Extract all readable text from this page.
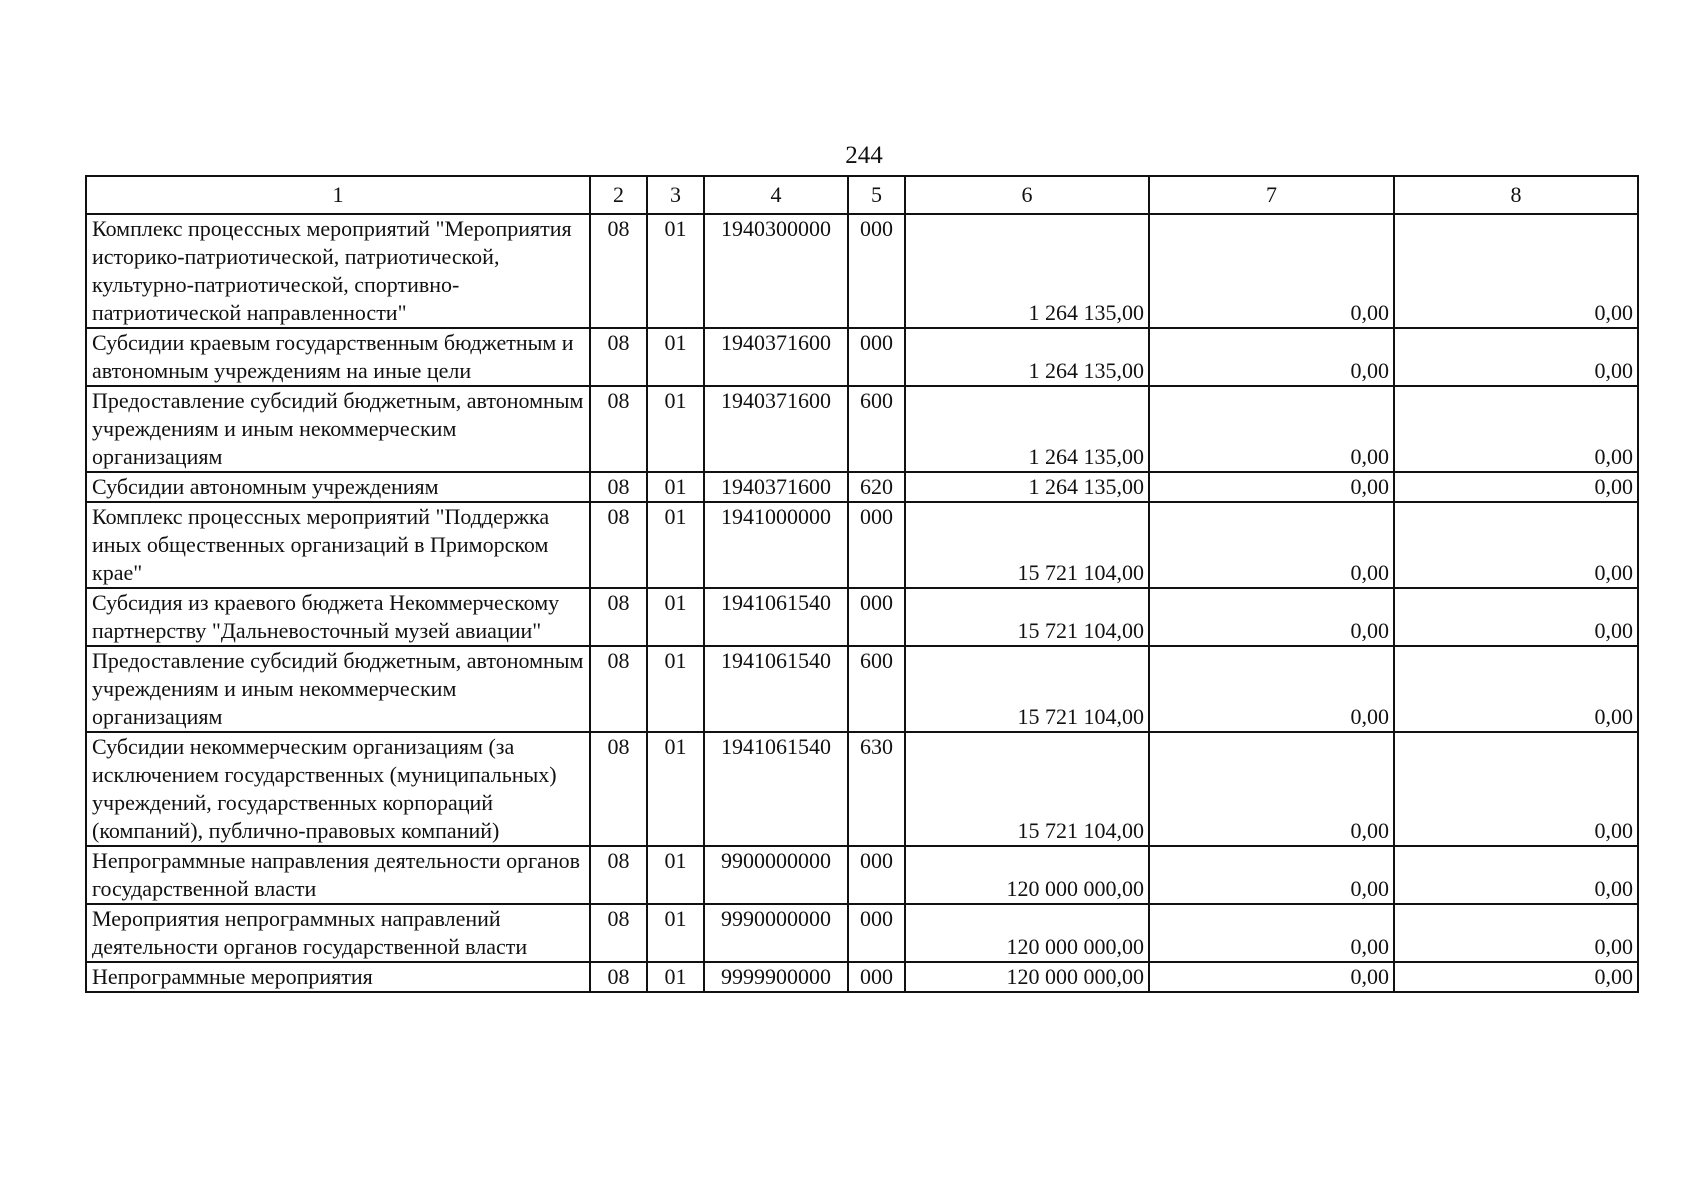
244
1	2	3	4	5	6	7	8
Комплекс процессных мероприятий "Мероприятия историко-патриотической, патриотической, культурно-патриотической, спортивно-патриотической направленности"	08	01	1940300000	000	1 264 135,00	0,00	0,00
Субсидии краевым государственным бюджетным и автономным учреждениям на иные цели	08	01	1940371600	000	1 264 135,00	0,00	0,00
Предоставление субсидий бюджетным, автономным учреждениям и иным некоммерческим организациям	08	01	1940371600	600	1 264 135,00	0,00	0,00
Субсидии автономным учреждениям	08	01	1940371600	620	1 264 135,00	0,00	0,00
Комплекс процессных мероприятий "Поддержка иных общественных организаций в Приморском крае"	08	01	1941000000	000	15 721 104,00	0,00	0,00
Субсидия из краевого бюджета Некоммерческому партнерству "Дальневосточный музей авиации"	08	01	1941061540	000	15 721 104,00	0,00	0,00
Предоставление субсидий бюджетным, автономным учреждениям и иным некоммерческим организациям	08	01	1941061540	600	15 721 104,00	0,00	0,00
Субсидии некоммерческим организациям (за исключением государственных (муниципальных) учреждений, государственных корпораций (компаний), публично-правовых компаний)	08	01	1941061540	630	15 721 104,00	0,00	0,00
Непрограммные направления деятельности органов государственной власти	08	01	9900000000	000	120 000 000,00	0,00	0,00
Мероприятия непрограммных направлений деятельности органов государственной власти	08	01	9990000000	000	120 000 000,00	0,00	0,00
Непрограммные мероприятия	08	01	9999900000	000	120 000 000,00	0,00	0,00
